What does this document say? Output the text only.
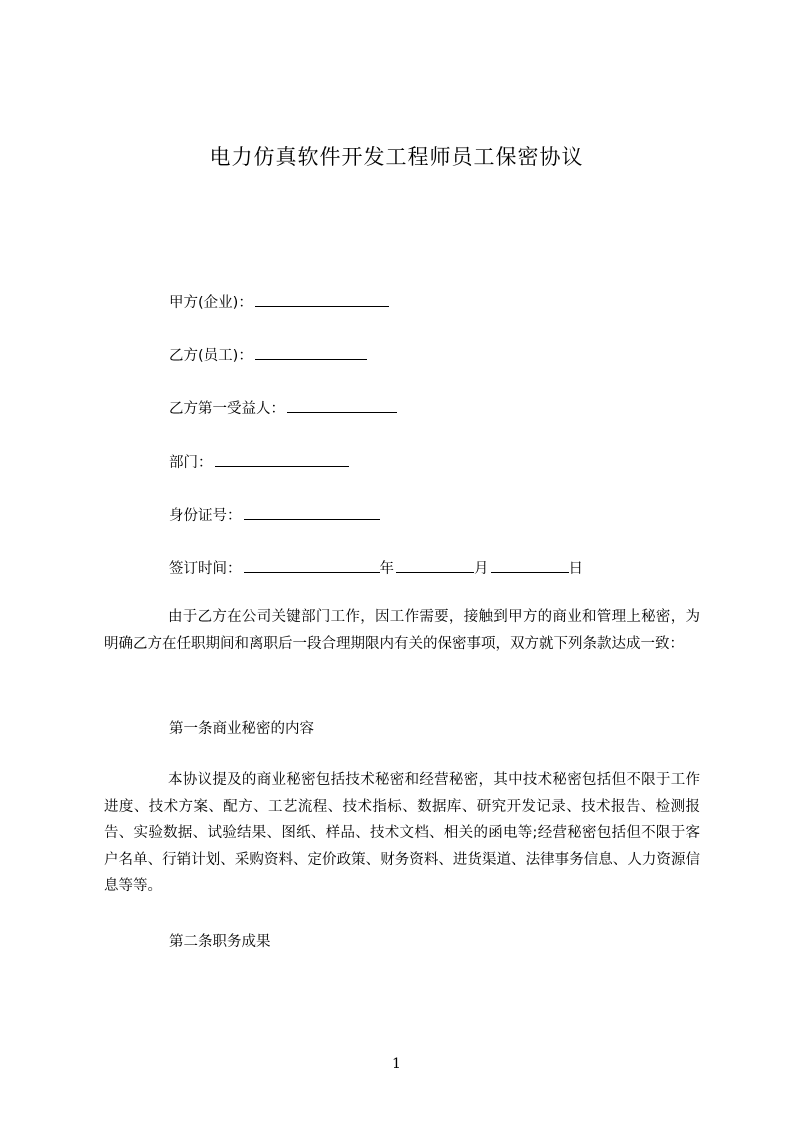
电力仿真软件开发工程师员工保密协议
甲方(企业)：
乙方(员工)：
乙方第一受益人：
部门：
身份证号：
签订时间：	年	月	日

由于乙方在公司关键部门工作，因工作需要，接触到甲方的商业和管理上秘密，为明确乙方在任职期间和离职后一段合理期限内有关的保密事项，双方就下列条款达成一致：

第一条商业秘密的内容

本协议提及的商业秘密包括技术秘密和经营秘密，其中技术秘密包括但不限于工作进度、技术方案、配方、工艺流程、技术指标、数据库、研究开发记录、技术报告、检测报告、实验数据、试验结果、图纸、样品、技术文档、相关的函电等;经营秘密包括但不限于客户名单、行销计划、采购资料、定价政策、财务资料、进货渠道、法律事务信息、人力资源信息等等。

第二条职务成果

1
